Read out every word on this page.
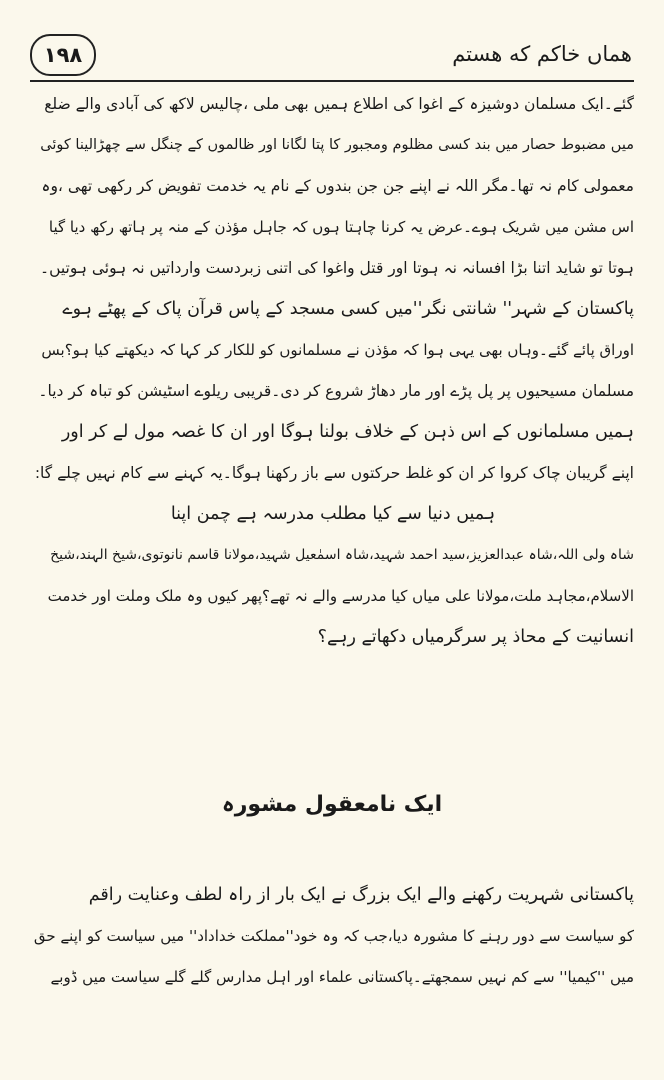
۱۹۸	هماں خاکم که هستم
گئے۔ایک مسلمان دوشیزہ کے اغوا کی اطلاع ہمیں بھی ملی ،چالیس لاکھ کی آبادی والے ضلع
میں مضبوط حصار میں بند کسی مظلوم ومجبور کا پتا لگانا اور ظالموں کے چنگل سے چھڑالینا کوئی
معمولی کام نہ تھا۔مگر اللہ نے اپنے جن جن بندوں کے نام یہ خدمت تفویض کر رکھی تھی ،وہ
اس مشن میں شریک ہوے۔عرض یہ کرنا چاہتا ہوں کہ جاہل مؤذن کے منہ پر ہاتھ رکھ دیا گیا
ہوتا تو شاید اتنا بڑا افسانہ نہ ہوتا اور قتل واغوا کی اتنی زبردست وارداتیں نہ ہوئی ہوتیں۔
پاکستان کے شہر'' شانتی نگر''میں کسی مسجد کے پاس قرآن پاک کے پھٹے ہوے
اوراق پائے گئے۔وہاں بھی یہی ہوا کہ مؤذن نے مسلمانوں کو للکار کر کہا کہ دیکھتے کیا ہو؟بس
مسلمان مسیحیوں پر پل پڑے اور مار دھاڑ شروع کر دی۔قریبی ریلوے اسٹیشن کو تباہ کر دیا۔
ہمیں مسلمانوں کے اس ذہن کے خلاف بولنا ہوگا اور ان کا غصہ مول لے کر اور
اپنے گریبان چاک کروا کر ان کو غلط حرکتوں سے باز رکھنا ہوگا۔یہ کہنے سے کام نہیں چلے گا:
ہمیں دنیا سے کیا مطلب مدرسہ ہے چمن اپنا
شاہ ولی اللہ،شاہ عبدالعزیز،سید احمد شہید،شاہ اسمٰعیل شہید،مولانا قاسم نانوتوی،شیخ الہند،شیخ
الاسلام،مجاہد ملت،مولانا علی میاں کیا مدرسے والے نہ تھے؟پھر کیوں وہ ملک وملت اور خدمت
انسانیت کے محاذ پر سرگرمیاں دکھاتے رہے؟
ایک نامعقول مشورہ
پاکستانی شہریت رکھنے والے ایک بزرگ نے ایک بار از راہ لطف وعنایت راقم
کو سیاست سے دور رہنے کا مشورہ دیا،جب کہ وہ خود''مملکت خداداد'' میں سیاست کو اپنے حق
میں ''کیمیا'' سے کم نہیں سمجھتے۔پاکستانی علماء اور اہل مدارس گلے گلے سیاست میں ڈوبے
